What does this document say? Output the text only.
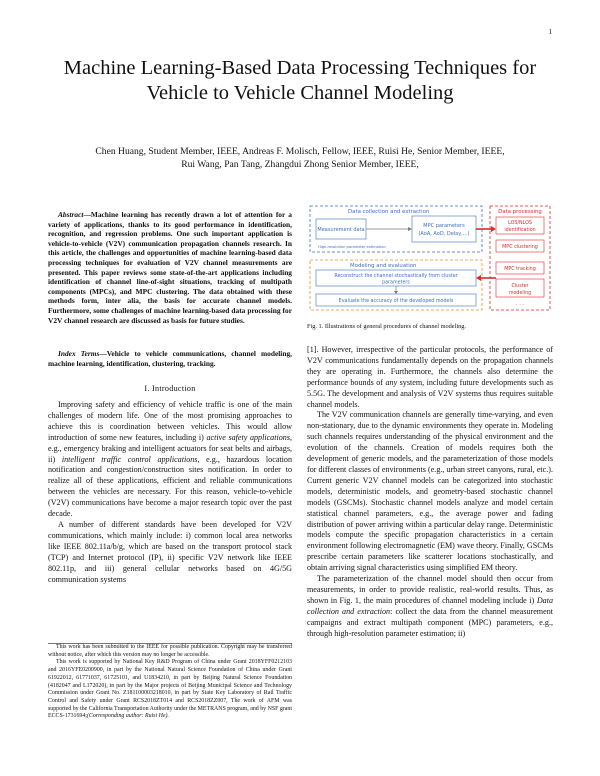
1
Machine Learning-Based Data Processing Techniques for Vehicle to Vehicle Channel Modeling
Chen Huang, Student Member, IEEE, Andreas F. Molisch, Fellow, IEEE, Ruisi He, Senior Member, IEEE,
Rui Wang, Pan Tang, Zhangdui Zhong Senior Member, IEEE,

Abstract—Machine learning has recently drawn a lot of attention for a variety of applications, thanks to its good performance in identification, recognition, and regression problems. One such important application is vehicle-to-vehicle (V2V) communication propagation channels research. In this article, the challenges and opportunities of machine learning-based data processing techniques for evaluation of V2V channel measurements are presented. This paper reviews some state-of-the-art applications including identification of channel line-of-sight situations, tracking of multipath components (MPCs), and MPC clustering. The data obtained with these methods form, inter alia, the basis for accurate channel models. Furthermore, some challenges of machine learning-based data processing for V2V channel research are discussed as basis for future studies.

Index Terms—Vehicle to vehicle communications, channel modeling, machine learning, identification, clustering, tracking.

I. Introduction

Improving safety and efficiency of vehicle traffic is one of the main challenges of modern life. One of the most promising approaches to achieve this is coordination between vehicles. This would allow introduction of some new features, including i) active safety applications, e.g., emergency braking and intelligent actuators for seat belts and airbags, ii) intelligent traffic control applications, e.g., hazardous location notification and congestion/construction sites notification. In order to realize all of these applications, efficient and reliable communications between the vehicles are necessary. For this reason, vehicle-to-vehicle (V2V) communications have become a major research topic over the past decade.

A number of different standards have been developed for V2V communications, which mainly include: i) common local area networks like IEEE 802.11a/b/g, which are based on the transport protocol stack (TCP) and Internet protocol (IP), ii) specific V2V network like IEEE 802.11p, and iii) general cellular networks based on 4G/5G communication systems

This work has been submitted to the IEEE for possible publication. Copyright may be transferred without notice, after which this version may no longer be accessible.

This work is supported by National Key R&D Program of China under Grant 2018YFF0212103 and 2016YFE0200900, in part by the National Natural Science Foundation of China under Grant 61922012, 61771037, 61725101, and U1834210, in part by Beijing Natural Science Foundation (4182047 and L172020), in part by the Major projects of Beijing Municipal Science and Technology Commission under Grant No. Z181100003218010, in part by State Key Laboratory of Rail Traffic Control and Safety under Grant RCS2018ZT014 and RCS2018ZZ007, The work of AFM was supported by the California Transportation Authority under the METRANS program, and by NSF grant ECCS-1731694;(Corresponding author: Ruisi He).

Data collection and extraction
Measurement data
MPC parameters
(AoA, AoD, Delay,...)
High-resolution parameter estimation
Modeling and evaluation
Reconstruct the channel stochastically from cluster
parameters
Evaluate the accuracy of the developed models
Data processing
LOS/NLOS
identification
MPC clustering
MPC tracking
Cluster
modeling
· · ·
Fig. 1. Illustrations of general procedures of channel modeling.

[1]. However, irrespective of the particular protocols, the performance of V2V communications fundamentally depends on the propagation channels they are operating in. Furthermore, the channels also determine the performance bounds of any system, including future developments such as 5.5G. The development and analysis of V2V systems thus requires suitable channel models.

The V2V communication channels are generally time-varying, and even non-stationary, due to the dynamic environments they operate in. Modeling such channels requires understanding of the physical environment and the evolution of the channels. Creation of models requires both the development of generic models, and the parameterization of those models for different classes of environments (e.g., urban street canyons, rural, etc.). Current generic V2V channel models can be categorized into stochastic models, deterministic models, and geometry-based stochastic channel models (GSCMs). Stochastic channel models analyze and model certain statistical channel parameters, e.g., the average power and fading distribution of power arriving within a particular delay range. Deterministic models compute the specific propagation characteristics in a certain environment following electromagnetic (EM) wave theory. Finally, GSCMs prescribe certain parameters like scatterer locations stochastically, and obtain arriving signal characteristics using simplified EM theory.

The parameterization of the channel model should then occur from measurements, in order to provide realistic, real-world results. Thus, as shown in Fig. 1, the main procedures of channel modeling include i) Data collection and extraction: collect the data from the channel measurement campaigns and extract multipath component (MPC) parameters, e.g., through high-resolution parameter estimation; ii)
